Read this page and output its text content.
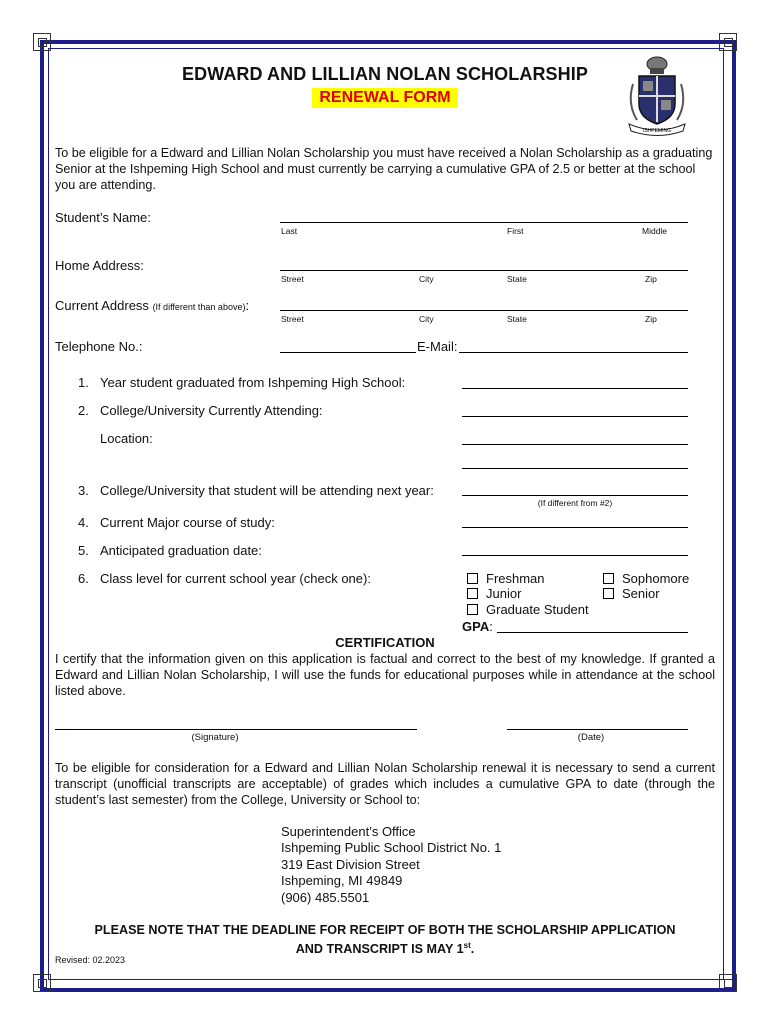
EDWARD AND LILLIAN NOLAN SCHOLARSHIP
RENEWAL FORM
ISHPEMING
To be eligible for a Edward and Lillian Nolan Scholarship you must have received a Nolan Scholarship as a graduating Senior at the Ishpeming High School and must currently be carrying a cumulative GPA of 2.5 or better at the school you are attending.
Student’s Name:
Last	First	Middle
Home Address:
Street	City	State	Zip
Current Address (If different than above):
Street	City	State	Zip
Telephone No.:	E-Mail:
1. Year student graduated from Ishpeming High School:
2. College/University Currently Attending:
Location:
3. College/University that student will be attending next year:
(If different from #2)
4. Current Major course of study:
5. Anticipated graduation date:
6. Class level for current school year (check one):	Freshman	Sophomore
Junior	Senior
Graduate Student
GPA:
CERTIFICATION
I certify that the information given on this application is factual and correct to the best of my knowledge. If granted a Edward and Lillian Nolan Scholarship, I will use the funds for educational purposes while in attendance at the school listed above.
(Signature)	(Date)
To be eligible for consideration for a Edward and Lillian Nolan Scholarship renewal it is necessary to send a current transcript (unofficial transcripts are acceptable) of grades which includes a cumulative GPA to date (through the student’s last semester) from the College, University or School to:
Superintendent’s Office
Ishpeming Public School District No. 1
319 East Division Street
Ishpeming, MI 49849
(906) 485.5501
PLEASE NOTE THAT THE DEADLINE FOR RECEIPT OF BOTH THE SCHOLARSHIP APPLICATION
AND TRANSCRIPT IS MAY 1st.
Revised: 02.2023
